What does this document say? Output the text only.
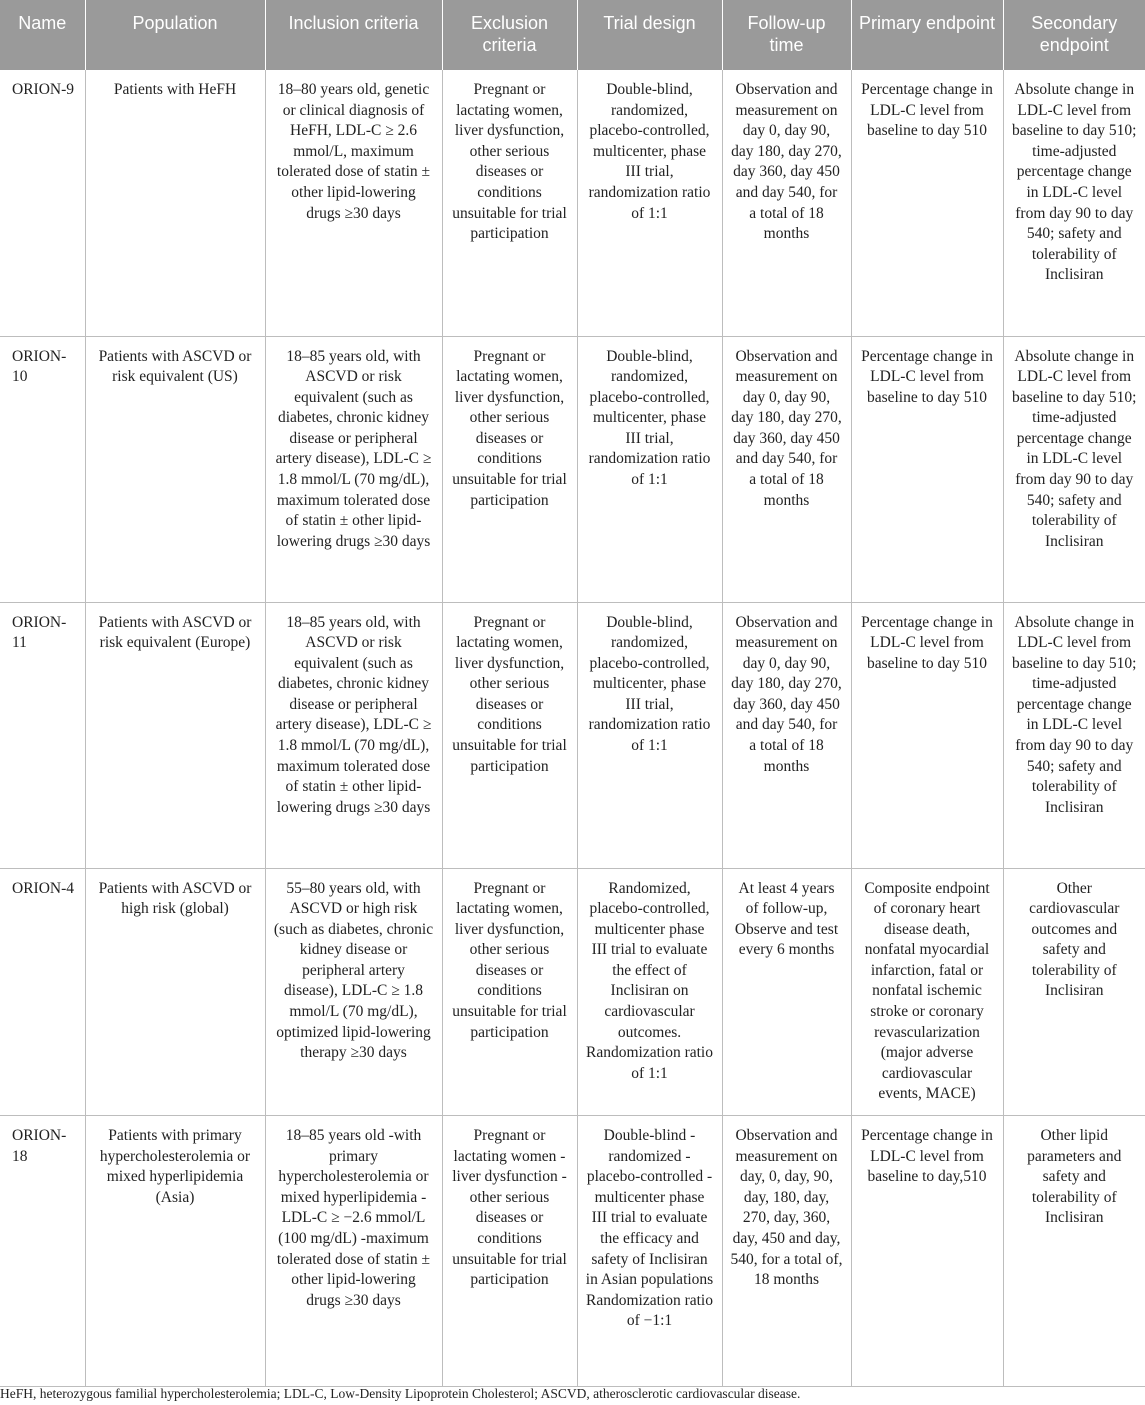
Name	Population	Inclusion criteria	Exclusion criteria	Trial design	Follow-up time	Primary endpoint	Secondary endpoint
ORION-9	Patients with HeFH	18–80 years old, genetic or clinical diagnosis of HeFH, LDL-C ≥ 2.6 mmol/L, maximum tolerated dose of statin ± other lipid-lowering drugs ≥30 days	Pregnant or lactating women, liver dysfunction, other serious diseases or conditions unsuitable for trial participation	Double-blind, randomized, placebo-controlled, multicenter, phase III trial, randomization ratio of 1:1	Observation and measurement on day 0, day 90, day 180, day 270, day 360, day 450 and day 540, for a total of 18 months	Percentage change in LDL-C level from baseline to day 510	Absolute change in LDL-C level from baseline to day 510; time-adjusted percentage change in LDL-C level from day 90 to day 540; safety and tolerability of Inclisiran
ORION-10	Patients with ASCVD or risk equivalent (US)	18–85 years old, with ASCVD or risk equivalent (such as diabetes, chronic kidney disease or peripheral artery disease), LDL-C ≥ 1.8 mmol/L (70 mg/dL), maximum tolerated dose of statin ± other lipid-lowering drugs ≥30 days	Pregnant or lactating women, liver dysfunction, other serious diseases or conditions unsuitable for trial participation	Double-blind, randomized, placebo-controlled, multicenter, phase III trial, randomization ratio of 1:1	Observation and measurement on day 0, day 90, day 180, day 270, day 360, day 450 and day 540, for a total of 18 months	Percentage change in LDL-C level from baseline to day 510	Absolute change in LDL-C level from baseline to day 510; time-adjusted percentage change in LDL-C level from day 90 to day 540; safety and tolerability of Inclisiran
ORION-11	Patients with ASCVD or risk equivalent (Europe)	18–85 years old, with ASCVD or risk equivalent (such as diabetes, chronic kidney disease or peripheral artery disease), LDL-C ≥ 1.8 mmol/L (70 mg/dL), maximum tolerated dose of statin ± other lipid-lowering drugs ≥30 days	Pregnant or lactating women, liver dysfunction, other serious diseases or conditions unsuitable for trial participation	Double-blind, randomized, placebo-controlled, multicenter, phase III trial, randomization ratio of 1:1	Observation and measurement on day 0, day 90, day 180, day 270, day 360, day 450 and day 540, for a total of 18 months	Percentage change in LDL-C level from baseline to day 510	Absolute change in LDL-C level from baseline to day 510; time-adjusted percentage change in LDL-C level from day 90 to day 540; safety and tolerability of Inclisiran
ORION-4	Patients with ASCVD or high risk (global)	55–80 years old, with ASCVD or high risk (such as diabetes, chronic kidney disease or peripheral artery disease), LDL-C ≥ 1.8 mmol/L (70 mg/dL), optimized lipid-lowering therapy ≥30 days	Pregnant or lactating women, liver dysfunction, other serious diseases or conditions unsuitable for trial participation	Randomized, placebo-controlled, multicenter phase III trial to evaluate the effect of Inclisiran on cardiovascular outcomes. Randomization ratio of 1:1	At least 4 years of follow-up, Observe and test every 6 months	Composite endpoint of coronary heart disease death, nonfatal myocardial infarction, fatal or nonfatal ischemic stroke or coronary revascularization (major adverse cardiovascular events, MACE)	Other cardiovascular outcomes and safety and tolerability of Inclisiran
ORION-18	Patients with primary hypercholesterolemia or mixed hyperlipidemia (Asia)	18–85 years old -with primary hypercholesterolemia or mixed hyperlipidemia -LDL-C ≥ −2.6 mmol/L (100 mg/dL) -maximum tolerated dose of statin ± other lipid-lowering drugs ≥30 days	Pregnant or lactating women -liver dysfunction -other serious diseases or conditions unsuitable for trial participation	Double-blind -randomized -placebo-controlled -multicenter phase III trial to evaluate the efficacy and safety of Inclisiran in Asian populations Randomization ratio of −1:1	Observation and measurement on day, 0, day, 90, day, 180, day, 270, day, 360, day, 450 and day, 540, for a total of, 18 months	Percentage change in LDL-C level from baseline to day,510	Other lipid parameters and safety and tolerability of Inclisiran
HeFH, heterozygous familial hypercholesterolemia; LDL-C, Low-Density Lipoprotein Cholesterol; ASCVD, atherosclerotic cardiovascular disease.
